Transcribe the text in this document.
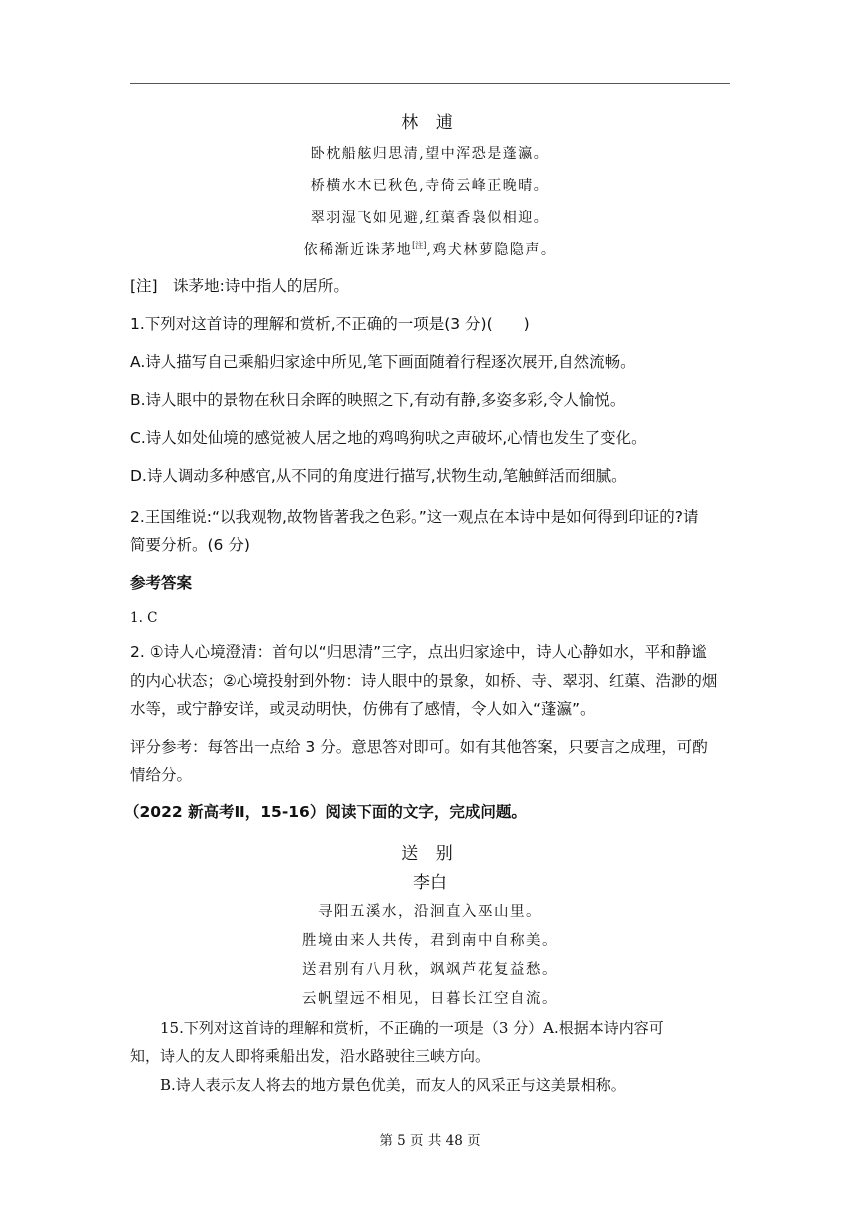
林 逋
卧枕船舷归思清,望中浑恐是蓬瀛。
桥横水木已秋色,寺倚云峰正晚晴。
翠羽湿飞如见避,红蕖香袅似相迎。
依稀渐近诛茅地[注],鸡犬林萝隐隐声。
[注]　诛茅地:诗中指人的居所。
1.下列对这首诗的理解和赏析,不正确的一项是(3 分)(　　)
A.诗人描写自己乘船归家途中所见,笔下画面随着行程逐次展开,自然流畅。
B.诗人眼中的景物在秋日余晖的映照之下,有动有静,多姿多彩,令人愉悦。
C.诗人如处仙境的感觉被人居之地的鸡鸣狗吠之声破坏,心情也发生了变化。
D.诗人调动多种感官,从不同的角度进行描写,状物生动,笔触鲜活而细腻。
2.王国维说:“以我观物,故物皆著我之色彩。”这一观点在本诗中是如何得到印证的?请
简要分析。(6 分)
参考答案
1. C
2. ①诗人心境澄清：首句以“归思清”三字，点出归家途中，诗人心静如水，平和静谧
的内心状态；②心境投射到外物：诗人眼中的景象，如桥、寺、翠羽、红蕖、浩渺的烟
水等，或宁静安详，或灵动明快，仿佛有了感情，令人如入“蓬瀛”。
评分参考：每答出一点给 3 分。意思答对即可。如有其他答案，只要言之成理，可酌
情给分。
（2022 新高考Ⅱ，15-16）阅读下面的文字，完成问题。
送 别
李白
寻阳五溪水，沿洄直入巫山里。
胜境由来人共传，君到南中自称美。
送君别有八月秋，飒飒芦花复益愁。
云帆望远不相见，日暮长江空自流。
15.下列对这首诗的理解和赏析，不正确的一项是（3 分）A.根据本诗内容可
知，诗人的友人即将乘船出发，沿水路驶往三峡方向。
B.诗人表示友人将去的地方景色优美，而友人的风采正与这美景相称。
第 5 页 共 48 页
